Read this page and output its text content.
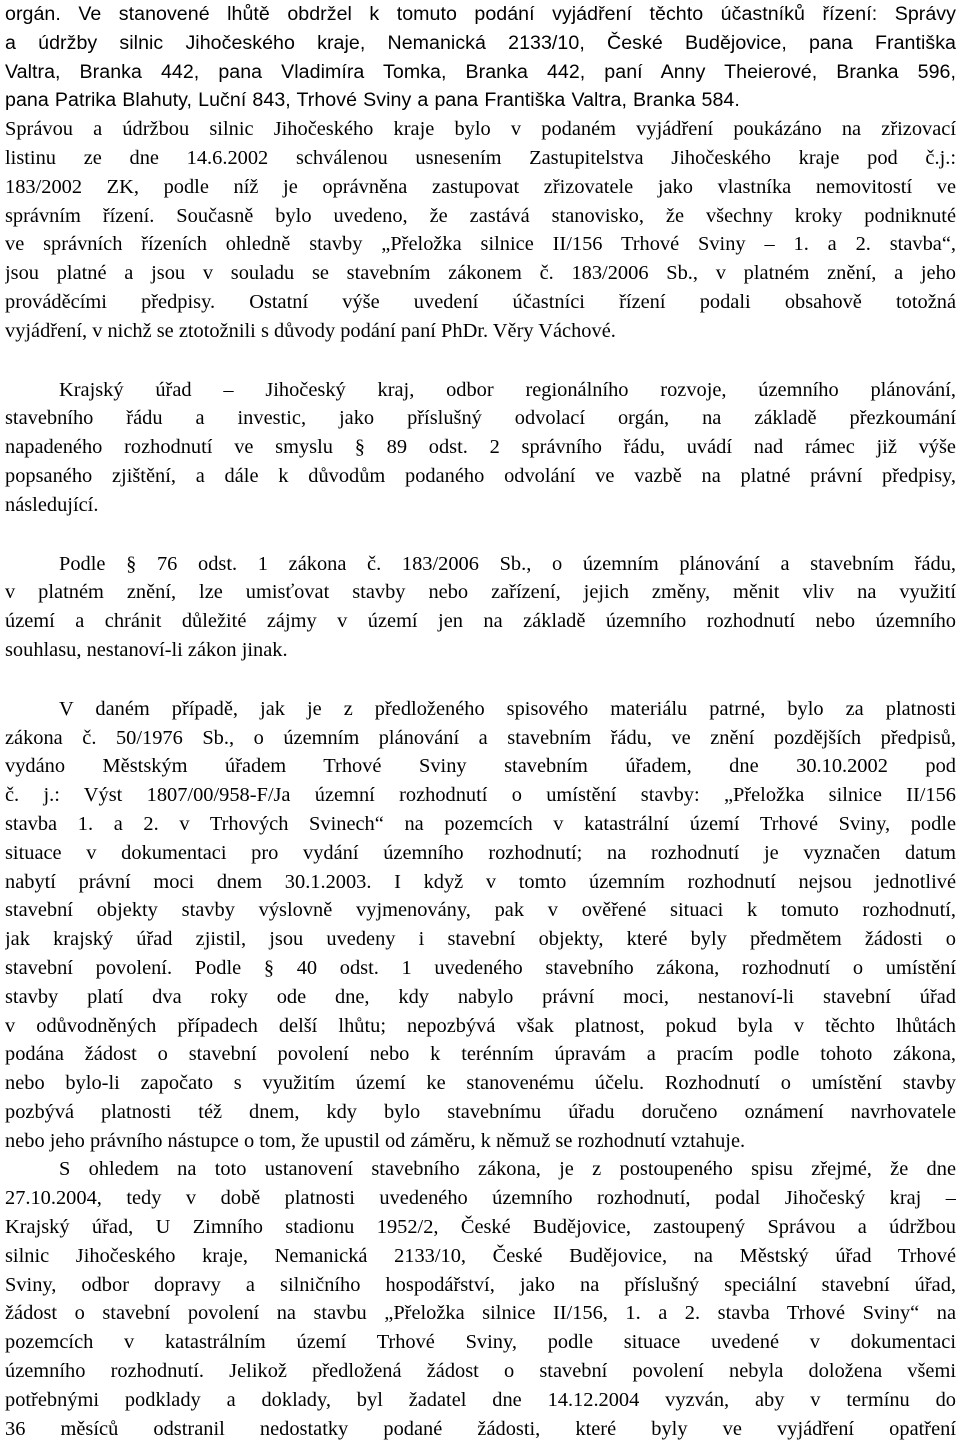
orgán. Ve stanovené lhůtě obdržel k tomuto podání vyjádření těchto účastníků řízení: Správy
a údržby silnic Jihočeského kraje, Nemanická 2133/10, České Budějovice, pana Františka
Valtra, Branka 442, pana Vladimíra Tomka, Branka 442, paní Anny Theierové, Branka 596,
pana Patrika Blahuty, Luční 843, Trhové Sviny a pana Františka Valtra, Branka 584.
Správou a údržbou silnic Jihočeského kraje bylo v podaném vyjádření poukázáno na zřizovací
listinu ze dne 14.6.2002 schválenou usnesením Zastupitelstva Jihočeského kraje pod č.j.:
183/2002 ZK, podle níž je oprávněna zastupovat zřizovatele jako vlastníka nemovitostí ve
správním řízení. Současně bylo uvedeno, že zastává stanovisko, že všechny kroky podniknuté
ve správních řízeních ohledně stavby „Přeložka silnice II/156 Trhové Sviny – 1. a 2. stavba“,
jsou platné a jsou v souladu se stavebním zákonem č. 183/2006 Sb., v platném znění, a jeho
prováděcími předpisy. Ostatní výše uvedení účastníci řízení podali obsahově totožná
vyjádření, v nichž se ztotožnili s důvody podání paní PhDr. Věry Váchové.
Krajský úřad – Jihočeský kraj, odbor regionálního rozvoje, územního plánování,
stavebního řádu a investic, jako příslušný odvolací orgán, na základě přezkoumání
napadeného rozhodnutí ve smyslu § 89 odst. 2 správního řádu, uvádí nad rámec již výše
popsaného zjištění, a dále k důvodům podaného odvolání ve vazbě na platné právní předpisy,
následující.
Podle § 76 odst. 1 zákona č. 183/2006 Sb., o územním plánování a stavebním řádu,
v platném znění, lze umisťovat stavby nebo zařízení, jejich změny, měnit vliv na využití
území a chránit důležité zájmy v území jen na základě územního rozhodnutí nebo územního
souhlasu, nestanoví-li zákon jinak.
V daném případě, jak je z předloženého spisového materiálu patrné, bylo za platnosti
zákona č. 50/1976 Sb., o územním plánování a stavebním řádu, ve znění pozdějších předpisů,
vydáno Městským úřadem Trhové Sviny stavebním úřadem, dne 30.10.2002 pod
č. j.: Výst 1807/00/958-F/Ja územní rozhodnutí o umístění stavby: „Přeložka silnice II/156
stavba 1. a 2. v Trhových Svinech“ na pozemcích v katastrální území Trhové Sviny, podle
situace v dokumentaci pro vydání územního rozhodnutí; na rozhodnutí je vyznačen datum
nabytí právní moci dnem 30.1.2003. I když v tomto územním rozhodnutí nejsou jednotlivé
stavební objekty stavby výslovně vyjmenovány, pak v ověřené situaci k tomuto rozhodnutí,
jak krajský úřad zjistil, jsou uvedeny i stavební objekty, které byly předmětem žádosti o
stavební povolení. Podle § 40 odst. 1 uvedeného stavebního zákona, rozhodnutí o umístění
stavby platí dva roky ode dne, kdy nabylo právní moci, nestanoví-li stavební úřad
v odůvodněných případech delší lhůtu; nepozbývá však platnost, pokud byla v těchto lhůtách
podána žádost o stavební povolení nebo k terénním úpravám a pracím podle tohoto zákona,
nebo bylo-li započato s využitím území ke stanovenému účelu. Rozhodnutí o umístění stavby
pozbývá platnosti též dnem, kdy bylo stavebnímu úřadu doručeno oznámení navrhovatele
nebo jeho právního nástupce o tom, že upustil od záměru, k němuž se rozhodnutí vztahuje.
S ohledem na toto ustanovení stavebního zákona, je z postoupeného spisu zřejmé, že dne
27.10.2004, tedy v době platnosti uvedeného územního rozhodnutí, podal Jihočeský kraj –
Krajský úřad, U Zimního stadionu 1952/2, České Budějovice, zastoupený Správou a údržbou
silnic Jihočeského kraje, Nemanická 2133/10, České Budějovice, na Městský úřad Trhové
Sviny, odbor dopravy a silničního hospodářství, jako na příslušný speciální stavební úřad,
žádost o stavební povolení na stavbu „Přeložka silnice II/156, 1. a 2. stavba Trhové Sviny“ na
pozemcích v katastrálním území Trhové Sviny, podle situace uvedené v dokumentaci
územního rozhodnutí. Jelikož předložená žádost o stavební povolení nebyla doložena všemi
potřebnými podklady a doklady, byl žadatel dne 14.12.2004 vyzván, aby v termínu do
36 měsíců odstranil nedostatky podané žádosti, které byly ve vyjádření opatření
